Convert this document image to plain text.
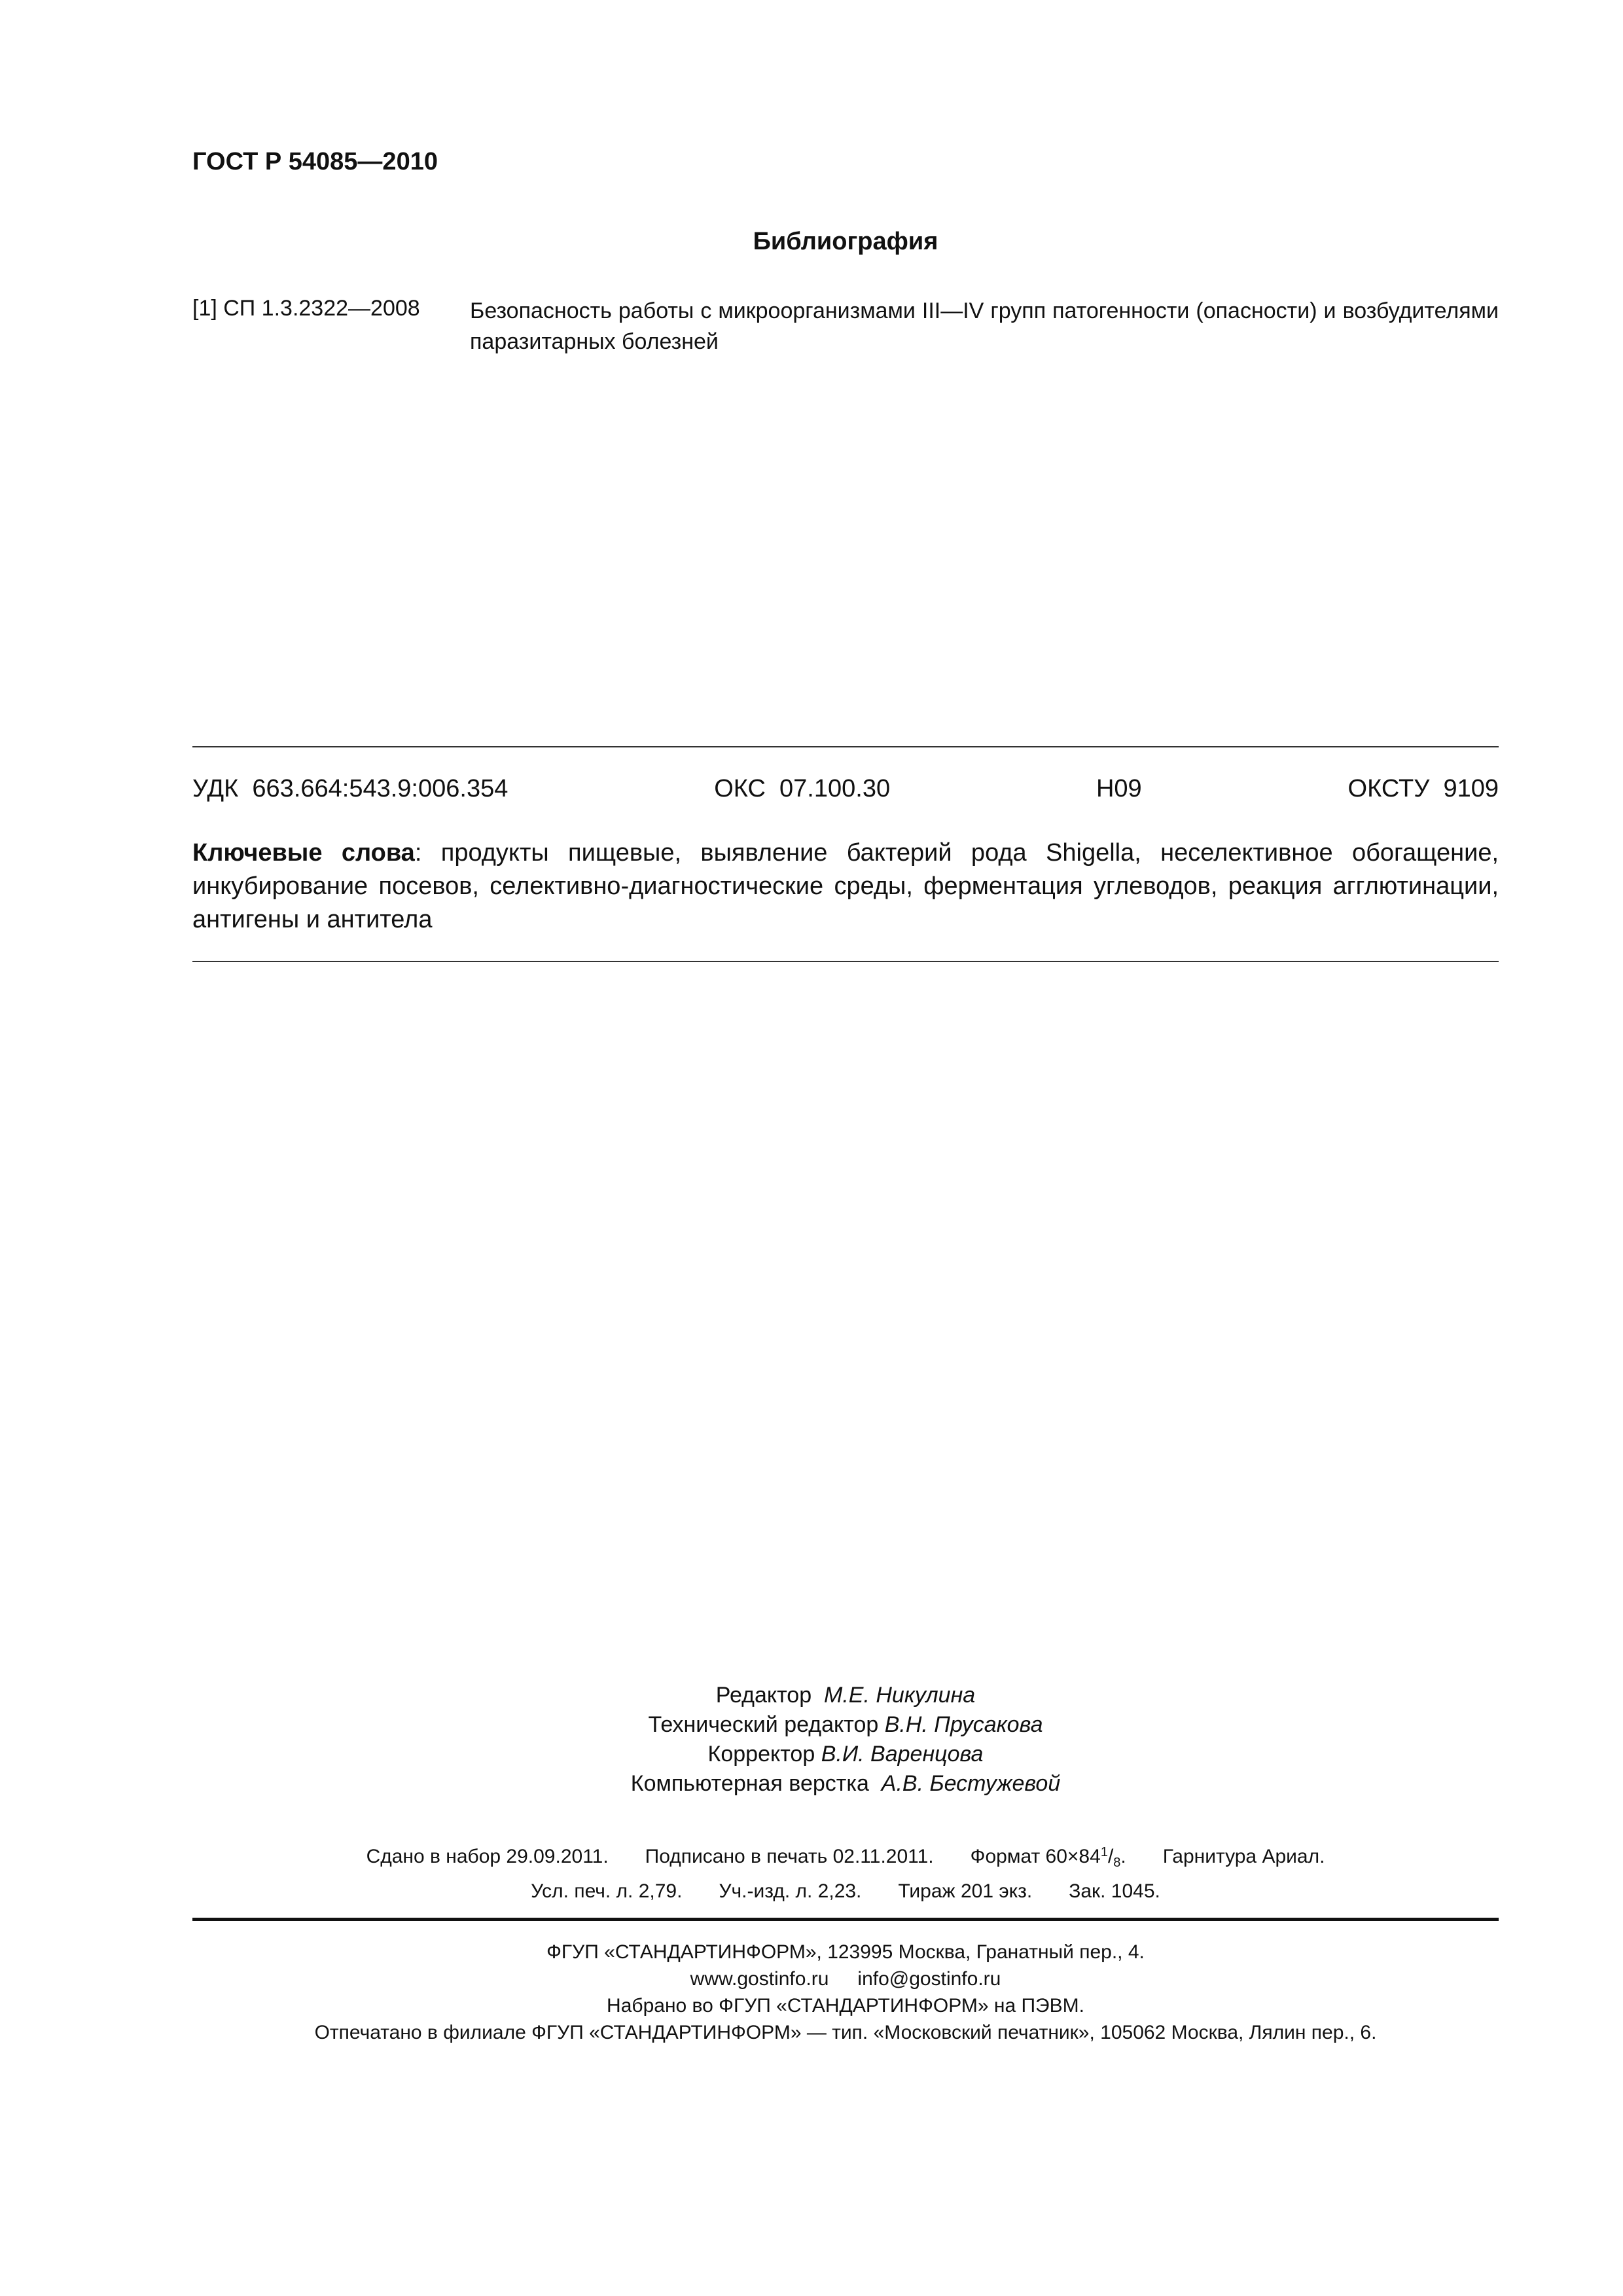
ГОСТ Р 54085—2010
Библиография
[1] СП 1.3.2322—2008 Безопасность работы с микроорганизмами III—IV групп патогенности (опасности) и возбудителями паразитарных болезней
УДК  663.664:543.9:006.354	ОКС  07.100.30	Н09	ОКСТУ  9109
Ключевые слова: продукты пищевые, выявление бактерий рода Shigella, неселективное обогащение, инкубирование посевов, селективно-диагностические среды, ферментация углеводов, реакция агглютинации, антигены и антитела
Редактор М.Е. Никулина
Технический редактор В.Н. Прусакова
Корректор В.И. Варенцова
Компьютерная верстка А.В. Бестужевой
Сдано в набор 29.09.2011. Подписано в печать 02.11.2011. Формат $60\times 84^1/_8$. Гарнитура Ариал.
Усл. печ. л. 2,79. Уч.-изд. л. 2,23. Тираж 201 экз. Зак. 1045.
ФГУП «СТАНДАРТИНФОРМ», 123995 Москва, Гранатный пер., 4.
www.gostinfo.ru info@gostinfo.ru
Набрано во ФГУП «СТАНДАРТИНФОРМ» на ПЭВМ.
Отпечатано в филиале ФГУП «СТАНДАРТИНФОРМ» — тип. «Московский печатник», 105062 Москва, Лялин пер., 6.
